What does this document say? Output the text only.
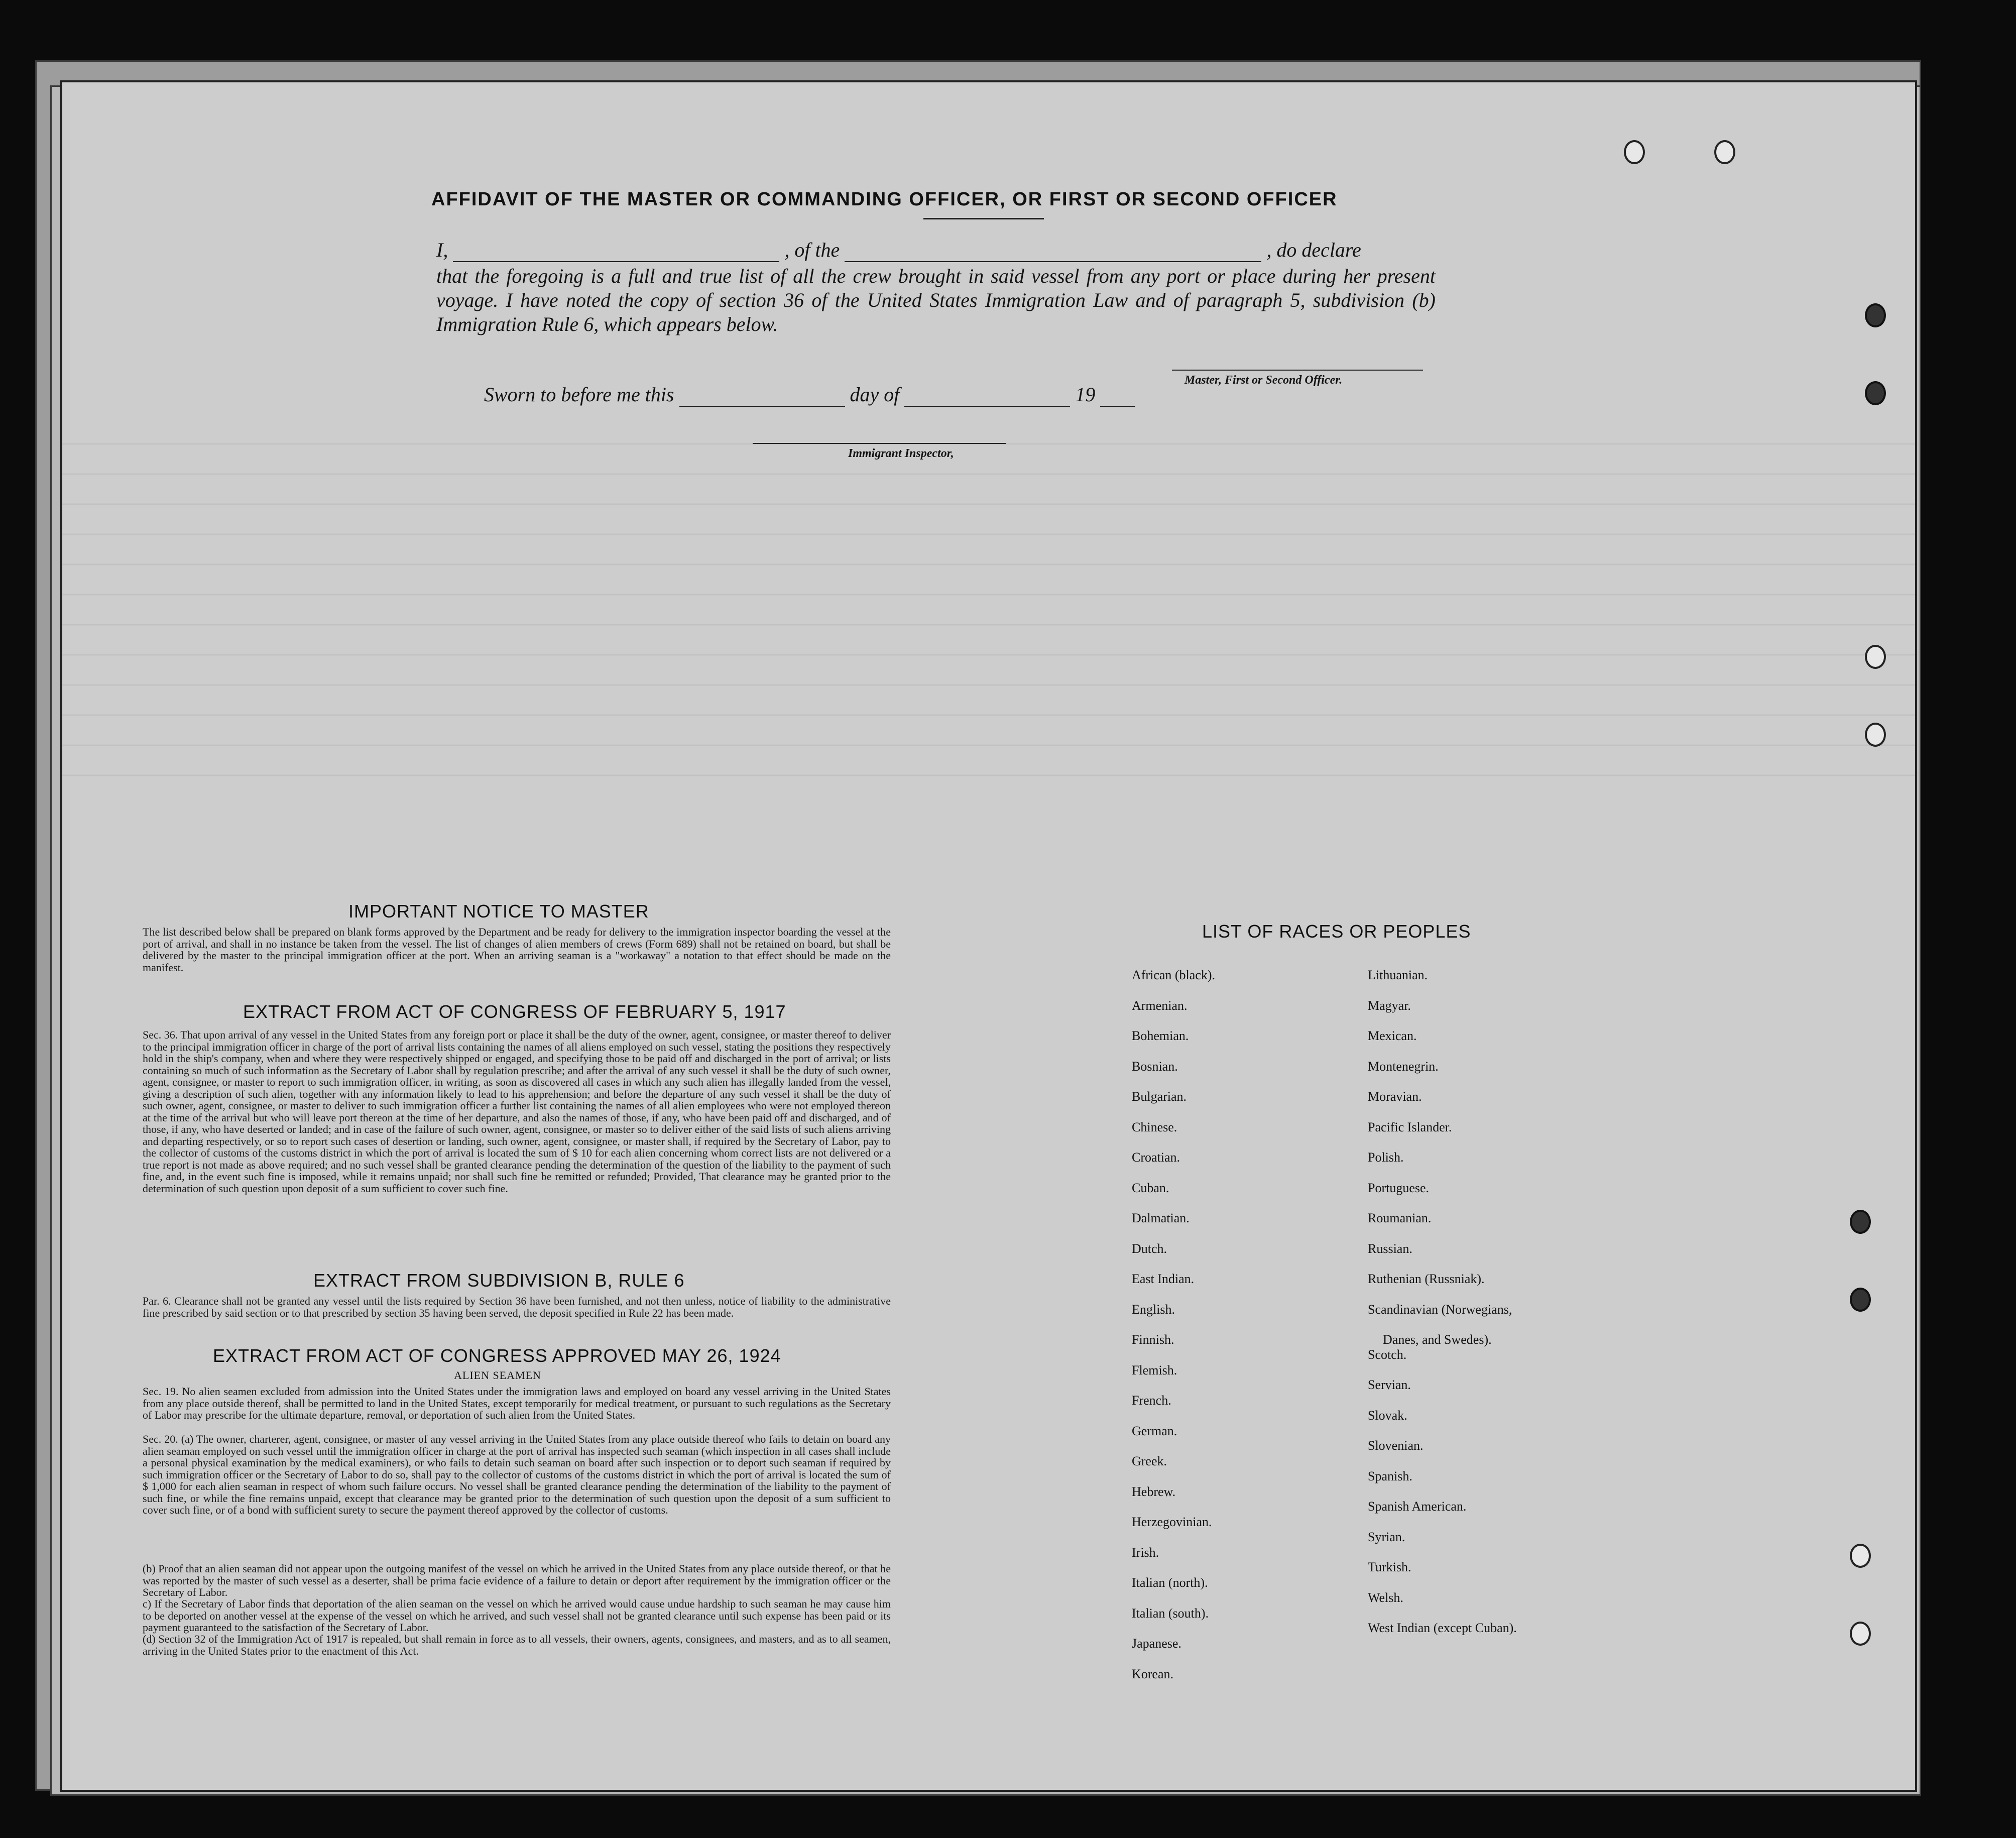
AFFIDAVIT OF THE MASTER OR COMMANDING OFFICER, OR FIRST OR SECOND OFFICER
I,	, of the	, do declare
that the foregoing is a full and true list of all the crew brought in said vessel from any port or place during her present voyage. I have noted the copy of section 36 of the United States Immigration Law and of paragraph 5, subdivision (b) Immigration Rule 6, which appears below.
Master, First or Second Officer.
Sworn to before me this	day of	19
Immigrant Inspector,
IMPORTANT NOTICE TO MASTER
The list described below shall be prepared on blank forms approved by the Department and be ready for delivery to the immigration inspector boarding the vessel at the port of arrival, and shall in no instance be taken from the vessel. The list of changes of alien members of crews (Form 689) shall not be retained on board, but shall be delivered by the master to the principal immigration officer at the port. When an arriving seaman is a "workaway" a notation to that effect should be made on the manifest.
EXTRACT FROM ACT OF CONGRESS OF FEBRUARY 5, 1917
Sec. 36. That upon arrival of any vessel in the United States from any foreign port or place it shall be the duty of the owner, agent, consignee, or master thereof to deliver to the principal immigration officer in charge of the port of arrival lists containing the names of all aliens employed on such vessel, stating the positions they respectively hold in the ship's company, when and where they were respectively shipped or engaged, and specifying those to be paid off and discharged in the port of arrival; or lists containing so much of such information as the Secretary of Labor shall by regulation prescribe; and after the arrival of any such vessel it shall be the duty of such owner, agent, consignee, or master to report to such immigration officer, in writing, as soon as discovered all cases in which any such alien has illegally landed from the vessel, giving a description of such alien, together with any information likely to lead to his apprehension; and before the departure of any such vessel it shall be the duty of such owner, agent, consignee, or master to deliver to such immigration officer a further list containing the names of all alien employees who were not employed thereon at the time of the arrival but who will leave port thereon at the time of her departure, and also the names of those, if any, who have been paid off and discharged, and of those, if any, who have deserted or landed; and in case of the failure of such owner, agent, consignee, or master so to deliver either of the said lists of such aliens arriving and departing respectively, or so to report such cases of desertion or landing, such owner, agent, consignee, or master shall, if required by the Secretary of Labor, pay to the collector of customs of the customs district in which the port of arrival is located the sum of $ 10 for each alien concerning whom correct lists are not delivered or a true report is not made as above required; and no such vessel shall be granted clearance pending the determination of the question of the liability to the payment of such fine, and, in the event such fine is imposed, while it remains unpaid; nor shall such fine be remitted or refunded; Provided, That clearance may be granted prior to the determination of such question upon deposit of a sum sufficient to cover such fine.
EXTRACT FROM SUBDIVISION B, RULE 6
Par. 6. Clearance shall not be granted any vessel until the lists required by Section 36 have been furnished, and not then unless, notice of liability to the administrative fine prescribed by said section or to that prescribed by section 35 having been served, the deposit specified in Rule 22 has been made.
EXTRACT FROM ACT OF CONGRESS APPROVED MAY 26, 1924
ALIEN SEAMEN
Sec. 19. No alien seamen excluded from admission into the United States under the immigration laws and employed on board any vessel arriving in the United States from any place outside thereof, shall be permitted to land in the United States, except temporarily for medical treatment, or pursuant to such regulations as the Secretary of Labor may prescribe for the ultimate departure, removal, or deportation of such alien from the United States.
Sec. 20. (a) The owner, charterer, agent, consignee, or master of any vessel arriving in the United States from any place outside thereof who fails to detain on board any alien seaman employed on such vessel until the immigration officer in charge at the port of arrival has inspected such seaman (which inspection in all cases shall include a personal physical examination by the medical examiners), or who fails to detain such seaman on board after such inspection or to deport such seaman if required by such immigration officer or the Secretary of Labor to do so, shall pay to the collector of customs of the customs district in which the port of arrival is located the sum of $ 1,000 for each alien seaman in respect of whom such failure occurs. No vessel shall be granted clearance pending the determination of the liability to the payment of such fine, or while the fine remains unpaid, except that clearance may be granted prior to the determination of such question upon the deposit of a sum sufficient to cover such fine, or of a bond with sufficient surety to secure the payment thereof approved by the collector of customs.
(b) Proof that an alien seaman did not appear upon the outgoing manifest of the vessel on which he arrived in the United States from any place outside thereof, or that he was reported by the master of such vessel as a deserter, shall be prima facie evidence of a failure to detain or deport after requirement by the immigration officer or the Secretary of Labor.
c) If the Secretary of Labor finds that deportation of the alien seaman on the vessel on which he arrived would cause undue hardship to such seaman he may cause him to be deported on another vessel at the expense of the vessel on which he arrived, and such vessel shall not be granted clearance until such expense has been paid or its payment guaranteed to the satisfaction of the Secretary of Labor.
(d) Section 32 of the Immigration Act of 1917 is repealed, but shall remain in force as to all vessels, their owners, agents, consignees, and masters, and as to all seamen, arriving in the United States prior to the enactment of this Act.
LIST OF RACES OR PEOPLES
African (black).
Armenian.
Bohemian.
Bosnian.
Bulgarian.
Chinese.
Croatian.
Cuban.
Dalmatian.
Dutch.
East Indian.
English.
Finnish.
Flemish.
French.
German.
Greek.
Hebrew.
Herzegovinian.
Irish.
Italian (north).
Italian (south).
Japanese.
Korean.
Lithuanian.
Magyar.
Mexican.
Montenegrin.
Moravian.
Pacific Islander.
Polish.
Portuguese.
Roumanian.
Russian.
Ruthenian (Russniak).
Scandinavian (Norwegians,
Danes, and Swedes).
Scotch.
Servian.
Slovak.
Slovenian.
Spanish.
Spanish American.
Syrian.
Turkish.
Welsh.
West Indian (except Cuban).
